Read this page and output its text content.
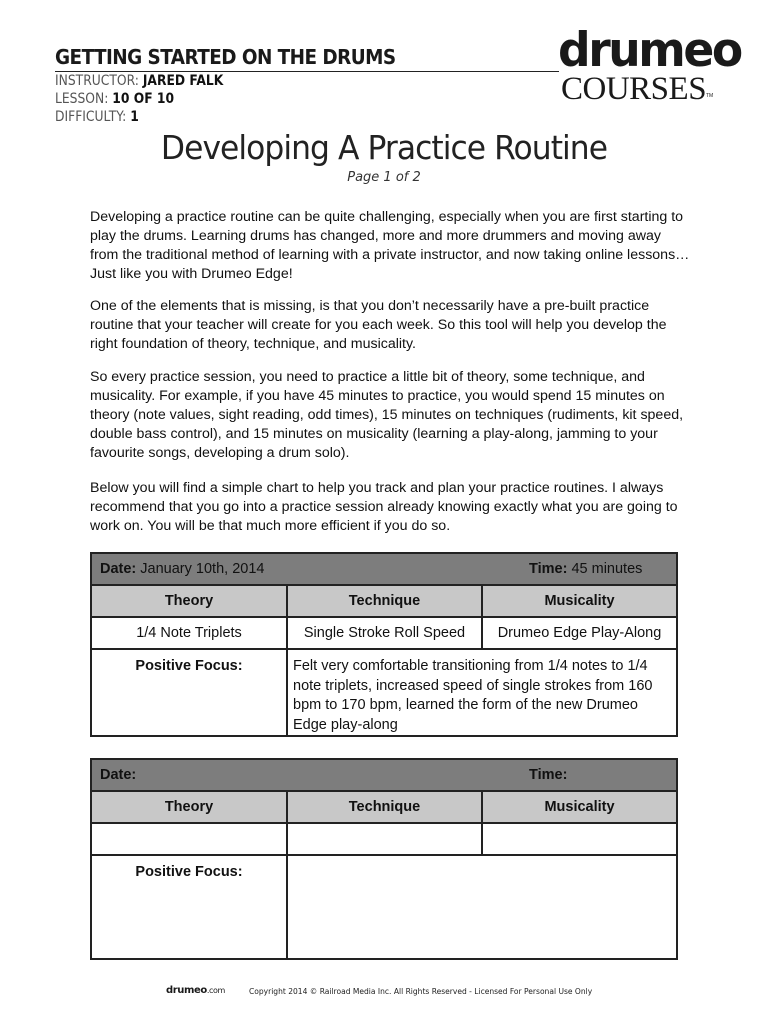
GETTING STARTED ON THE DRUMS
INSTRUCTOR: JARED FALK
LESSON: 10 OF 10
DIFFICULTY: 1
drumeo
COURSES TM
Developing A Practice Routine
Page 1 of 2
Developing a practice routine can be quite challenging, especially when you are first starting to play the drums. Learning drums has changed, more and more drummers and moving away from the traditional method of learning with a private instructor, and now taking online lessons… Just like you with Drumeo Edge!
One of the elements that is missing, is that you don’t necessarily have a pre-built practice routine that your teacher will create for you each week. So this tool will help you develop the right foundation of theory, technique, and musicality.
So every practice session, you need to practice a little bit of theory, some technique, and musicality. For example, if you have 45 minutes to practice, you would spend 15 minutes on theory (note values, sight reading, odd times), 15 minutes on techniques (rudiments, kit speed, double bass control), and 15 minutes on musicality (learning a play-along, jamming to your favourite songs, developing a drum solo).
Below you will find a simple chart to help you track and plan your practice routines. I always recommend that you go into a practice session already knowing exactly what you are going to work on. You will be that much more efficient if you do so.
Date: January 10th, 2014 Time: 45 minutes		

Theory	Technique	Musicality
1/4 Note Triplets	Single Stroke Roll Speed	Drumeo Edge Play-Along
Positive Focus:	Felt very comfortable transitioning from 1/4 notes to 1/4 note triplets, increased speed of single strokes from 160 bpm to 170 bpm, learned the form of the new Drumeo Edge play-along	
Date: Time:		

Theory	Technique	Musicality

Positive Focus:		
drumeo.com	Copyright 2014 © Railroad Media Inc. All Rights Reserved - Licensed For Personal Use Only
